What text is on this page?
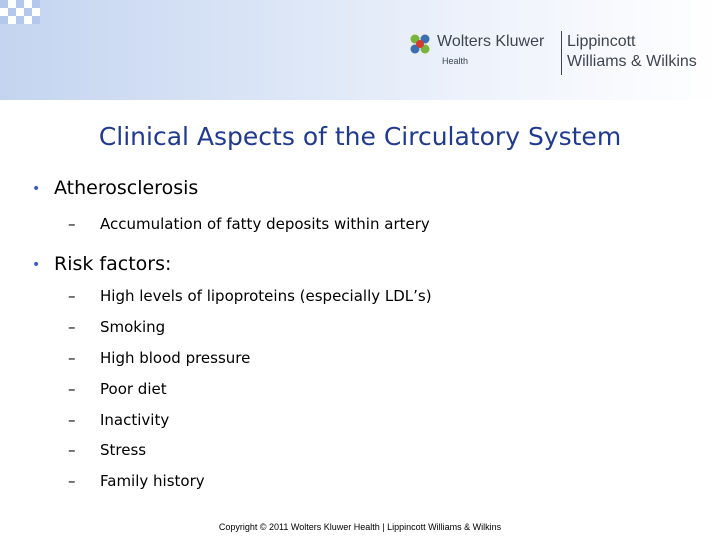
Wolters Kluwer
Health
Lippincott
Williams & Wilkins
Clinical Aspects of the Circulatory System
• Atherosclerosis
– Accumulation of fatty deposits within artery
• Risk factors:
– High levels of lipoproteins (especially LDL’s)
– Smoking
– High blood pressure
– Poor diet
– Inactivity
– Stress
– Family history
Copyright © 2011 Wolters Kluwer Health | Lippincott Williams & Wilkins
